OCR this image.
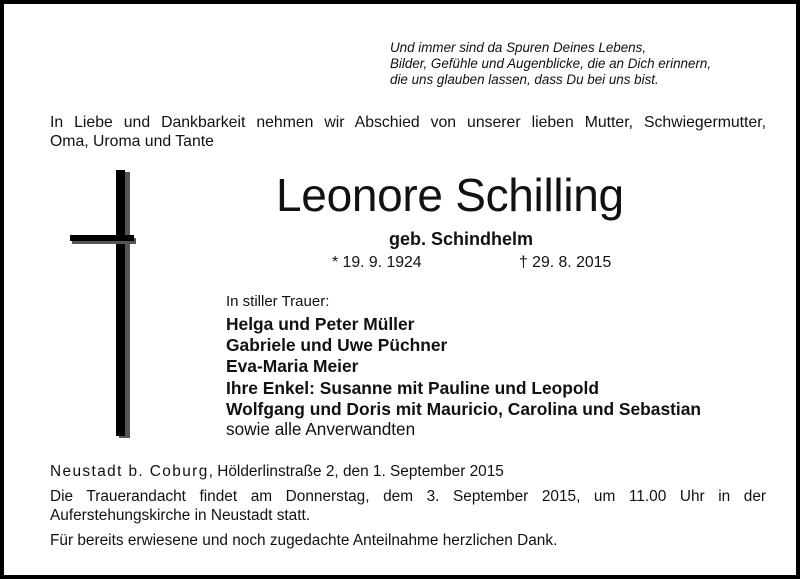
Und immer sind da Spuren Deines Lebens,
Bilder, Gefühle und Augenblicke, die an Dich erinnern,
die uns glauben lassen, dass Du bei uns bist.
In Liebe und Dankbarkeit nehmen wir Abschied von unserer lieben Mutter, Schwiegermutter,
Oma, Uroma und Tante
Leonore Schilling
geb. Schindhelm
* 19. 9. 1924	† 29. 8. 2015
In stiller Trauer:
Helga und Peter Müller
Gabriele und Uwe Püchner
Eva-Maria Meier
Ihre Enkel: Susanne mit Pauline und Leopold
Wolfgang und Doris mit Mauricio, Carolina und Sebastian
sowie alle Anverwandten
Neustadt b. Coburg, Hölderlinstraße 2, den 1. September 2015
Die Trauerandacht findet am Donnerstag, dem 3. September 2015, um 11.00 Uhr in der
Auferstehungskirche in Neustadt statt.
Für bereits erwiesene und noch zugedachte Anteilnahme herzlichen Dank.
